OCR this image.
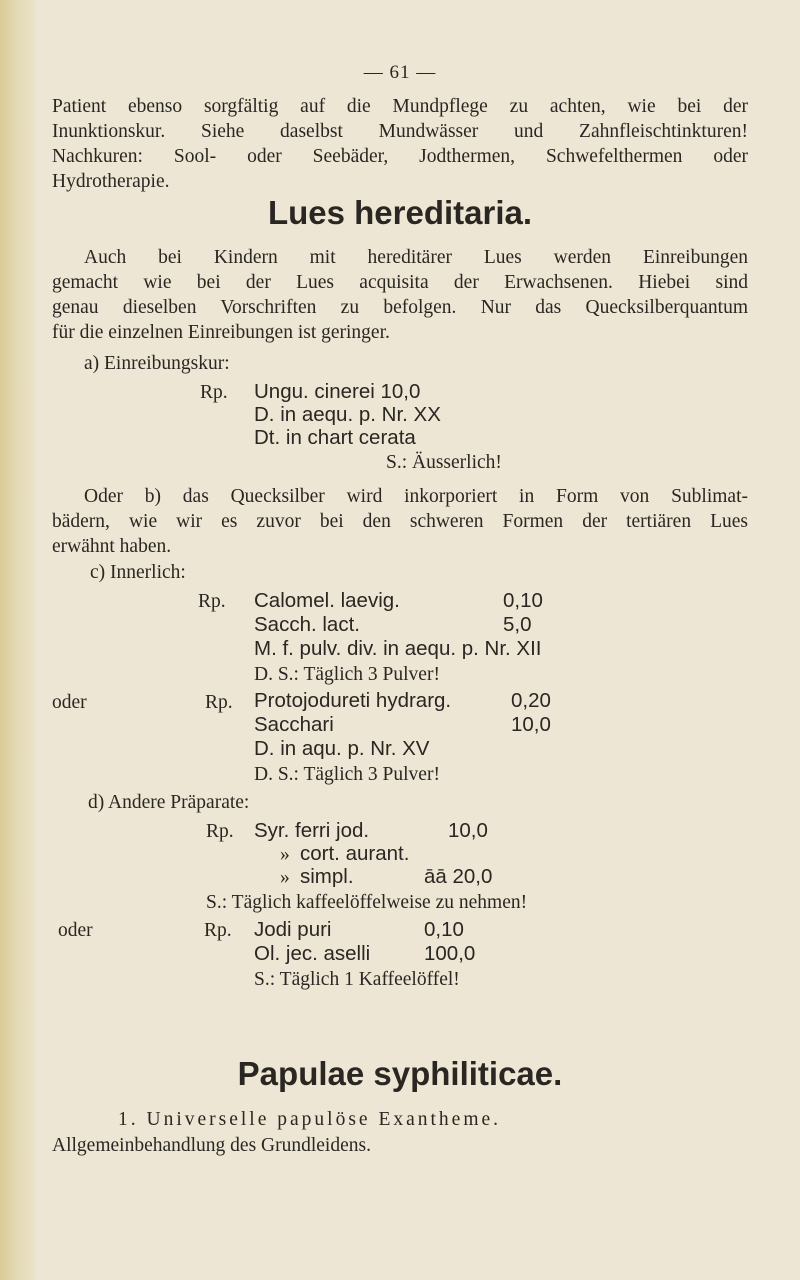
— 61 —
Patient ebenso sorgfältig auf die Mundpflege zu achten, wie bei der
Inunktionskur. Siehe daselbst Mundwässer und Zahnfleischtinkturen!
Nachkuren: Sool- oder Seebäder, Jodthermen, Schwefelthermen oder
Hydrotherapie.
Lues hereditaria.
Auch bei Kindern mit hereditärer Lues werden Einreibungen
gemacht wie bei der Lues acquisita der Erwachsenen. Hiebei sind
genau dieselben Vorschriften zu befolgen. Nur das Quecksilberquantum
für die einzelnen Einreibungen ist geringer.
a) Einreibungskur:
Rp. Ungu. cinerei 10,0
D. in aequ. p. Nr. XX
Dt. in chart cerata
S.: Äusserlich!
Oder b) das Quecksilber wird inkorporiert in Form von Sublimat-
bädern, wie wir es zuvor bei den schweren Formen der tertiären Lues
erwähnt haben.
c) Innerlich:
Rp. Calomel. laevig.	0,10
Sacch. lact.	5,0
M. f. pulv. div. in aequ. p. Nr. XII
D. S.: Täglich 3 Pulver!
oder	Rp. Protojodureti hydrarg.	0,20
Sacchari	10,0
D. in aqu. p. Nr. XV
D. S.: Täglich 3 Pulver!
d) Andere Präparate:
Rp. Syr. ferri jod.	10,0
» cort. aurant.
» simpl.	āā 20,0
S.: Täglich kaffeelöffelweise zu nehmen!
oder	Rp. Jodi puri	0,10
Ol. jec. aselli	100,0
S.: Täglich 1 Kaffeelöffel!
Papulae syphiliticae.
1. Universelle papulöse Exantheme.
Allgemeinbehandlung des Grundleidens.
